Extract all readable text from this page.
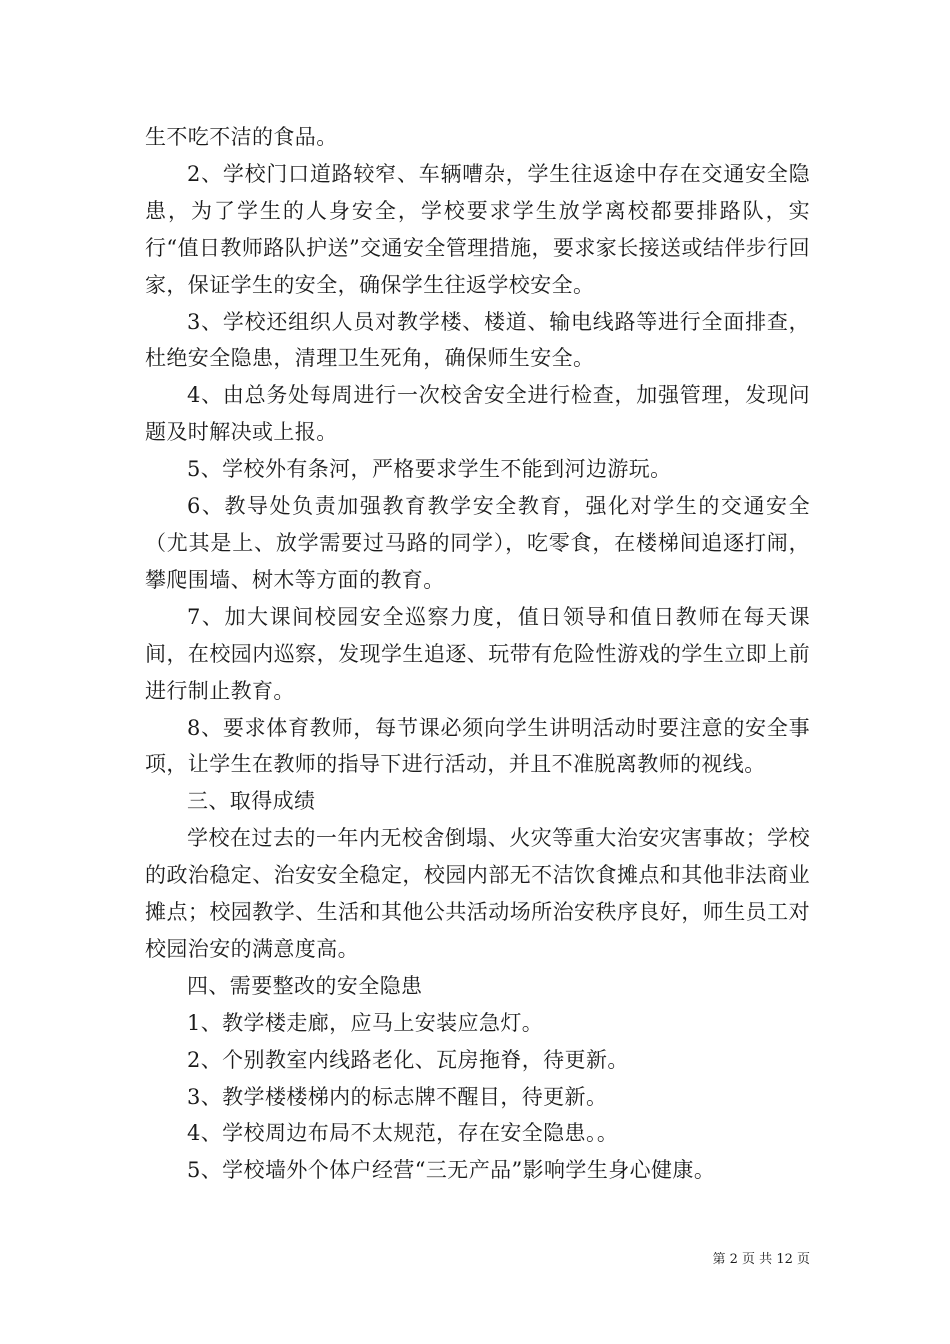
生不吃不洁的食品。

2、学校门口道路较窄、车辆嘈杂，学生往返途中存在交通安全隐患，为了学生的人身安全，学校要求学生放学离校都要排路队，实行“值日教师路队护送”交通安全管理措施，要求家长接送或结伴步行回家，保证学生的安全，确保学生往返学校安全。

3、学校还组织人员对教学楼、楼道、输电线路等进行全面排查，杜绝安全隐患，清理卫生死角，确保师生安全。

4、由总务处每周进行一次校舍安全进行检查，加强管理，发现问题及时解决或上报。

5、学校外有条河，严格要求学生不能到河边游玩。

6、教导处负责加强教育教学安全教育，强化对学生的交通安全（尤其是上、放学需要过马路的同学），吃零食，在楼梯间追逐打闹，攀爬围墙、树木等方面的教育。

7、加大课间校园安全巡察力度，值日领导和值日教师在每天课间，在校园内巡察，发现学生追逐、玩带有危险性游戏的学生立即上前进行制止教育。

8、要求体育教师，每节课必须向学生讲明活动时要注意的安全事项，让学生在教师的指导下进行活动，并且不准脱离教师的视线。

三、取得成绩

学校在过去的一年内无校舍倒塌、火灾等重大治安灾害事故；学校的政治稳定、治安安全稳定，校园内部无不洁饮食摊点和其他非法商业摊点；校园教学、生活和其他公共活动场所治安秩序良好，师生员工对校园治安的满意度高。

四、需要整改的安全隐患

1、教学楼走廊，应马上安装应急灯。

2、个别教室内线路老化、瓦房拖脊，待更新。

3、教学楼楼梯内的标志牌不醒目，待更新。

4、学校周边布局不太规范，存在安全隐患。。

5、学校墙外个体户经营“三无产品”影响学生身心健康。

第 2 页 共 12 页
